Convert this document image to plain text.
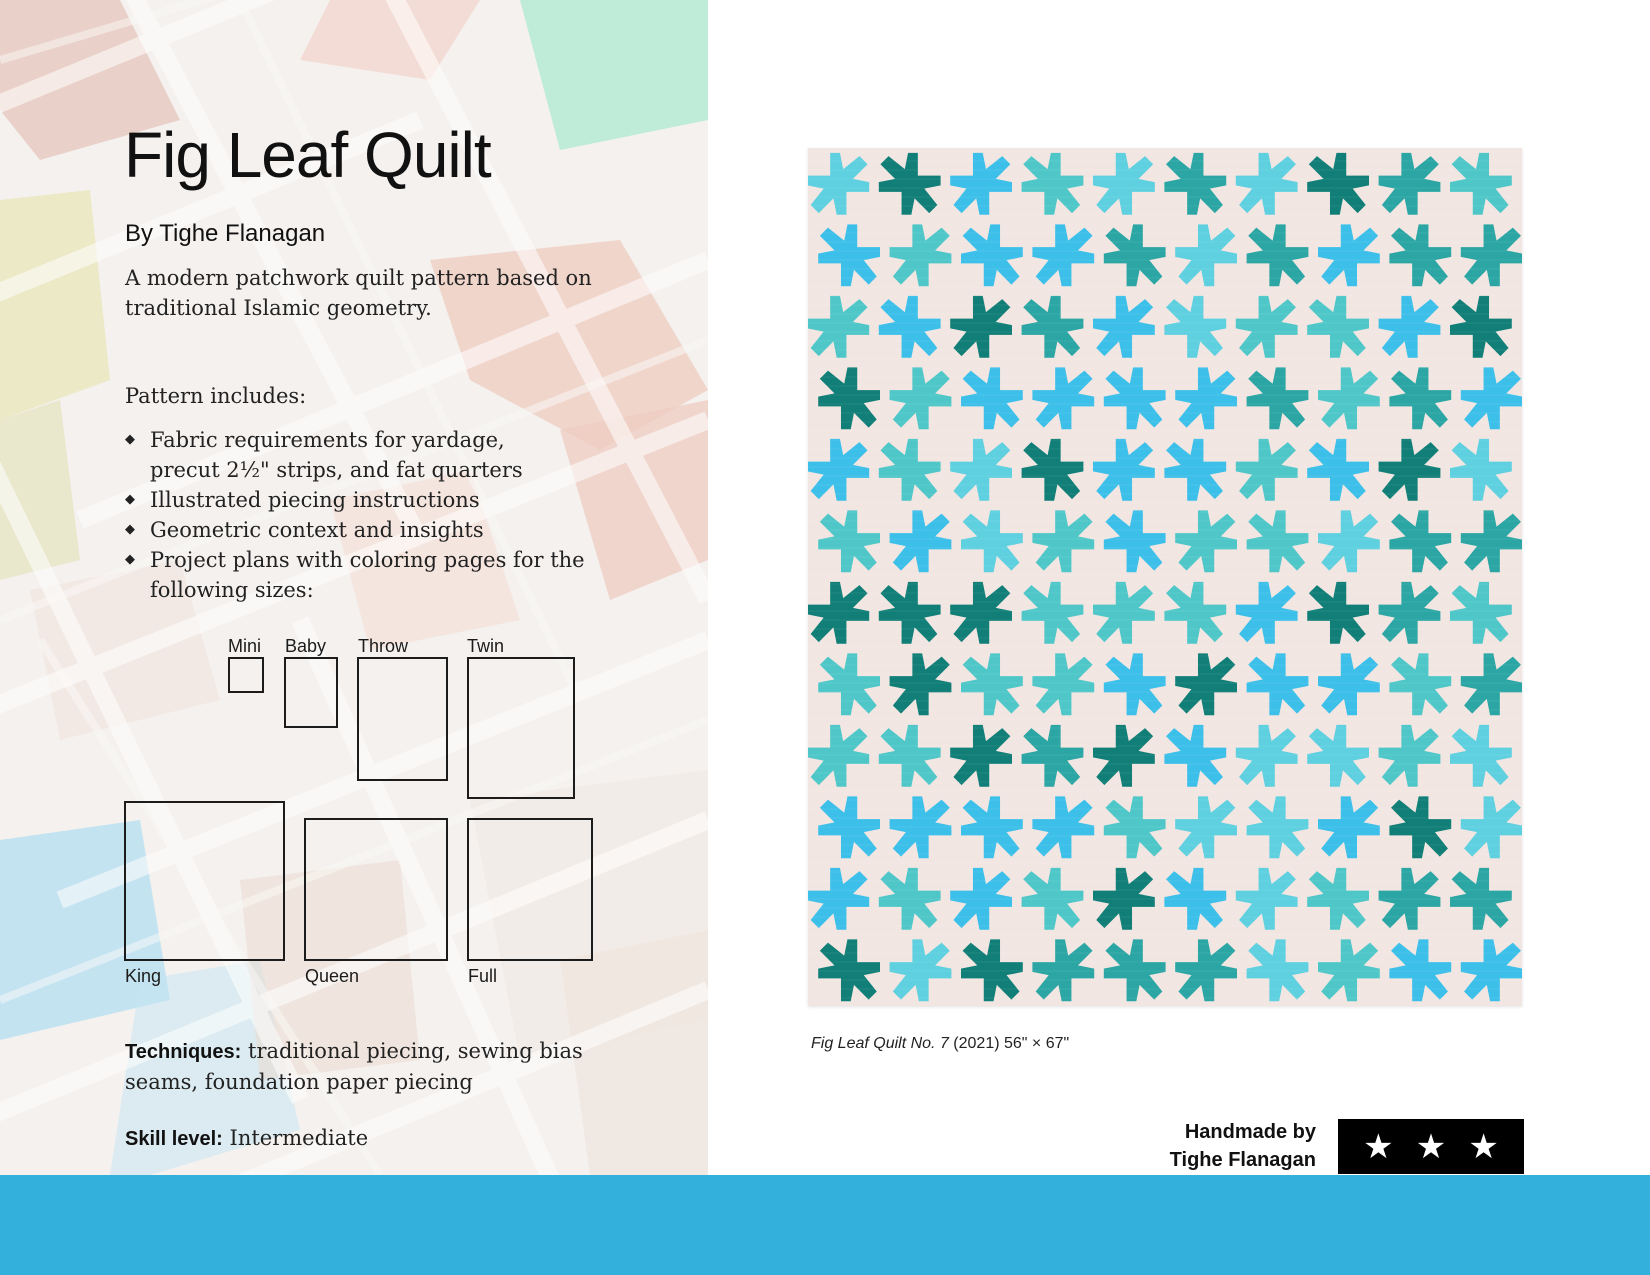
Fig Leaf Quilt
By Tighe Flanagan
A modern patchwork quilt pattern based on traditional Islamic geometry.
Pattern includes:
◆ Fabric requirements for yardage,
precut 2½" strips, and fat quarters
◆ Illustrated piecing instructions
◆ Geometric context and insights
◆ Project plans with coloring pages for the
following sizes:
Mini Baby Throw	Twin
King	Queen	Full
Techniques: traditional piecing, sewing bias seams, foundation paper piecing
Skill level: Intermediate
Fig Leaf Quilt No. 7 (2021) 56" × 67"
Handmade by
Tighe Flanagan ★ ★ ★
